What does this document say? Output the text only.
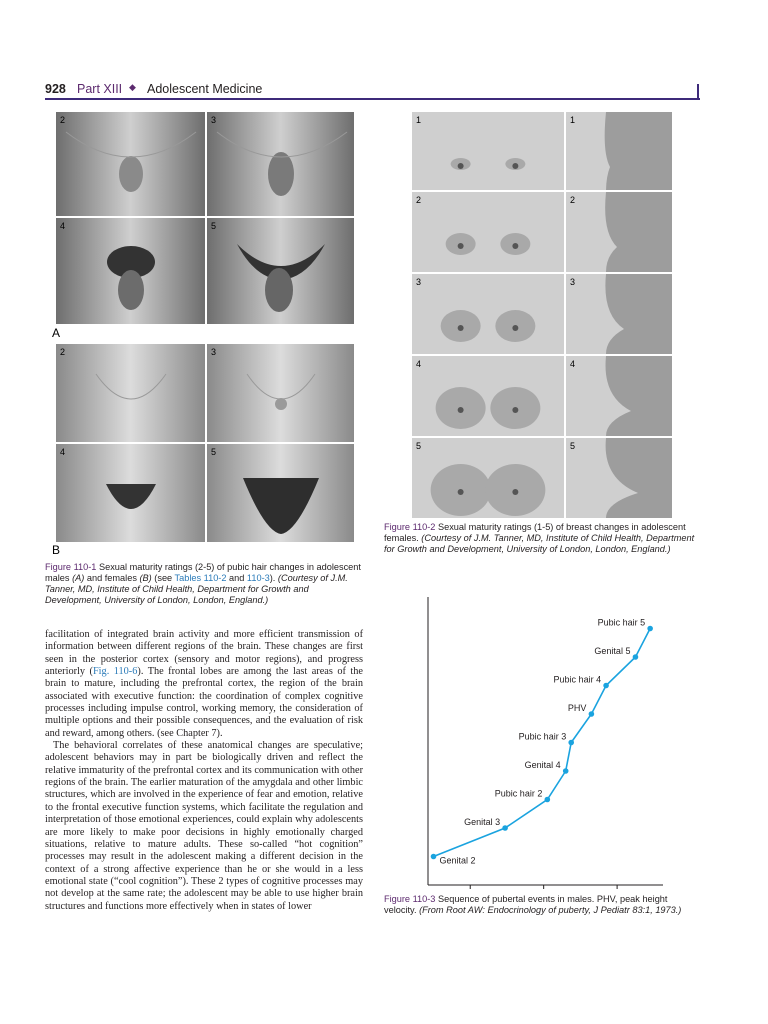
928 Part XIII ◆ Adolescent Medicine
2	3
4	5
A
2	3
4	5
B
Figure 110-1 Sexual maturity ratings (2-5) of pubic hair changes in adolescent males (A) and females (B) (see Tables 110-2 and 110-3). (Courtesy of J.M. Tanner, MD, Institute of Child Health, Department for Growth and Development, University of London, London, England.)
1	1
2	2
3	3
4	4
5	5
Figure 110-2 Sexual maturity ratings (1-5) of breast changes in adolescent females. (Courtesy of J.M. Tanner, MD, Institute of Child Health, Department for Growth and Development, University of London, London, England.)

facilitation of integrated brain activity and more efficient transmission of information between different regions of the brain. These changes are first seen in the posterior cortex (sensory and motor regions), and progress anteriorly (Fig. 110-6). The frontal lobes are among the last areas of the brain to mature, including the prefrontal cortex, the region of the brain associated with executive function: the coordination of complex cognitive processes including impulse control, working memory, the consideration of multiple options and their possible consequences, and the evaluation of risk and reward, among others. (see Chapter 7).

The behavioral correlates of these anatomical changes are speculative; adolescent behaviors may in part be biologically driven and reflect the relative immaturity of the prefrontal cortex and its communication with other regions of the brain. The earlier maturation of the amygdala and other limbic structures, which are involved in the experience of fear and emotion, relative to the frontal executive function systems, which facilitate the regulation and interpretation of those emotional experiences, could explain why adolescents are more likely to make poor decisions in highly emotionally charged situations, relative to mature adults. These so-called “hot cognition” processes may result in the adolescent making a different decision in the context of a strong affective experience than he or she would in a less emotional state (“cool cognition”). These 2 types of cognitive processes may not develop at the same rate; the adolescent may be able to use higher brain structures and functions more effectively when in states of lower

Genital 2
Genital 3
Pubic hair 2
Genital 4
Pubic hair 3
PHV
Pubic hair 4
Genital 5
Pubic hair 5
Figure 110-3 Sequence of pubertal events in males. PHV, peak height velocity. (From Root AW: Endocrinology of puberty, J Pediatr 83:1, 1973.)
